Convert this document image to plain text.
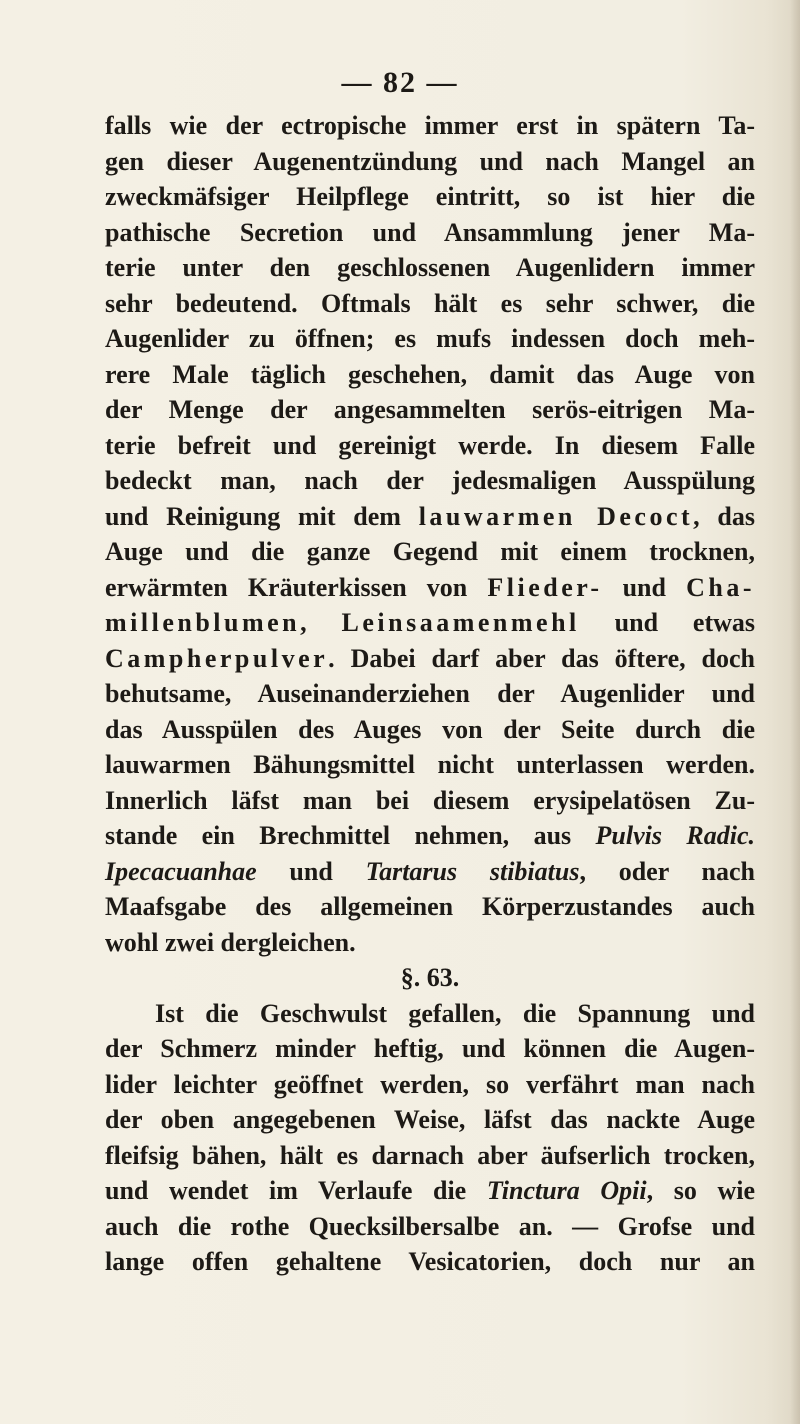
— 82 —
falls wie der ectropische immer erst in spätern Ta-
gen dieser Augenentzündung und nach Mangel an
zweckmäfsiger Heilpflege eintritt, so ist hier die
pathische Secretion und Ansammlung jener Ma-
terie unter den geschlossenen Augenlidern immer
sehr bedeutend. Oftmals hält es sehr schwer, die
Augenlider zu öffnen; es mufs indessen doch meh-
rere Male täglich geschehen, damit das Auge von
der Menge der angesammelten serös-eitrigen Ma-
terie befreit und gereinigt werde. In diesem Falle
bedeckt man, nach der jedesmaligen Ausspülung
und Reinigung mit dem lauwarmen Decoct, das
Auge und die ganze Gegend mit einem trocknen,
erwärmten Kräuterkissen von Flieder- und Cha-
millenblumen, Leinsaamenmehl und etwas
Campherpulver. Dabei darf aber das öftere, doch
behutsame, Auseinanderziehen der Augenlider und
das Ausspülen des Auges von der Seite durch die
lauwarmen Bähungsmittel nicht unterlassen werden.
Innerlich läfst man bei diesem erysipelatösen Zu-
stande ein Brechmittel nehmen, aus Pulvis Radic.
Ipecacuanhae und Tartarus stibiatus, oder nach
Maafsgabe des allgemeinen Körperzustandes auch
wohl zwei dergleichen.
§. 63.
Ist die Geschwulst gefallen, die Spannung und
der Schmerz minder heftig, und können die Augen-
lider leichter geöffnet werden, so verfährt man nach
der oben angegebenen Weise, läfst das nackte Auge
fleifsig bähen, hält es darnach aber äufserlich trocken,
und wendet im Verlaufe die Tinctura Opii, so wie
auch die rothe Quecksilbersalbe an. — Grofse und
lange offen gehaltene Vesicatorien, doch nur an
